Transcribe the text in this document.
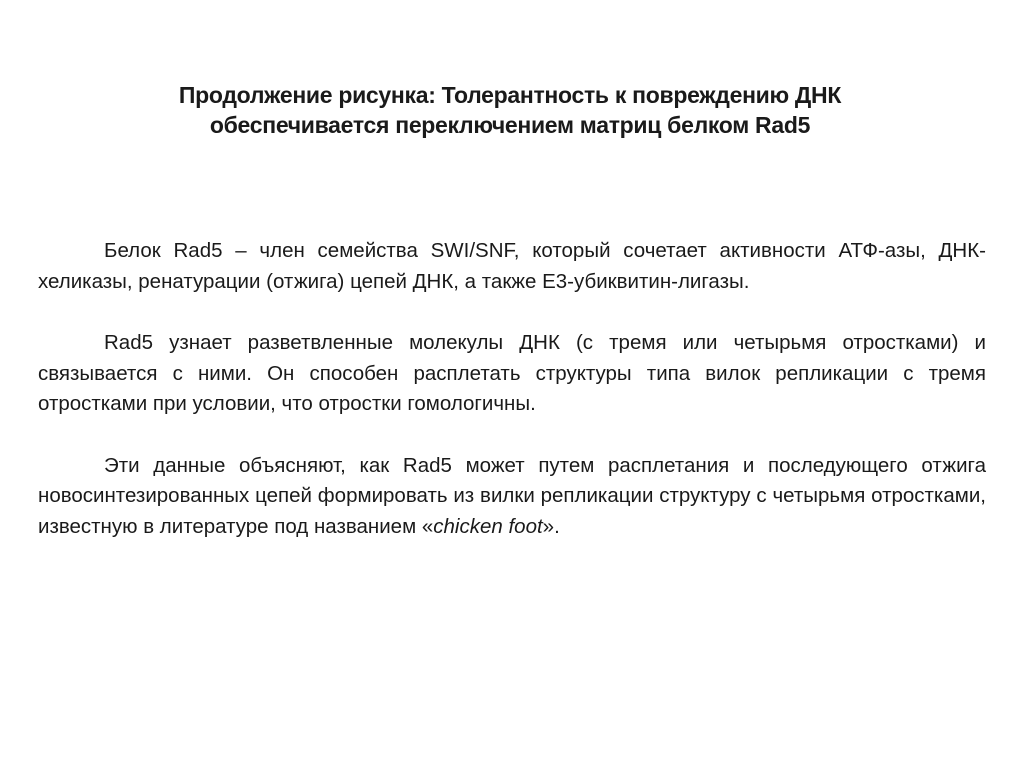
Продолжение рисунка: Толерантность к повреждению ДНК
обеспечивается переключением матриц белком Rad5

Белок Rad5 – член семейства SWI/SNF, который сочетает активности АТФ-азы, ДНК-хеликазы, ренатурации (отжига) цепей ДНК, а также Е3-убиквитин-лигазы.

Rad5 узнает разветвленные молекулы ДНК (с тремя или четырьмя отростками) и связывается с ними. Он способен расплетать структуры типа вилок репликации с тремя отростками при условии, что отростки гомологичны.

Эти данные объясняют, как Rad5 может путем расплетания и последующего отжига новосинтезированных цепей формировать из вилки репликации структуру с четырьмя отростками, известную в литературе под названием «chicken foot».
